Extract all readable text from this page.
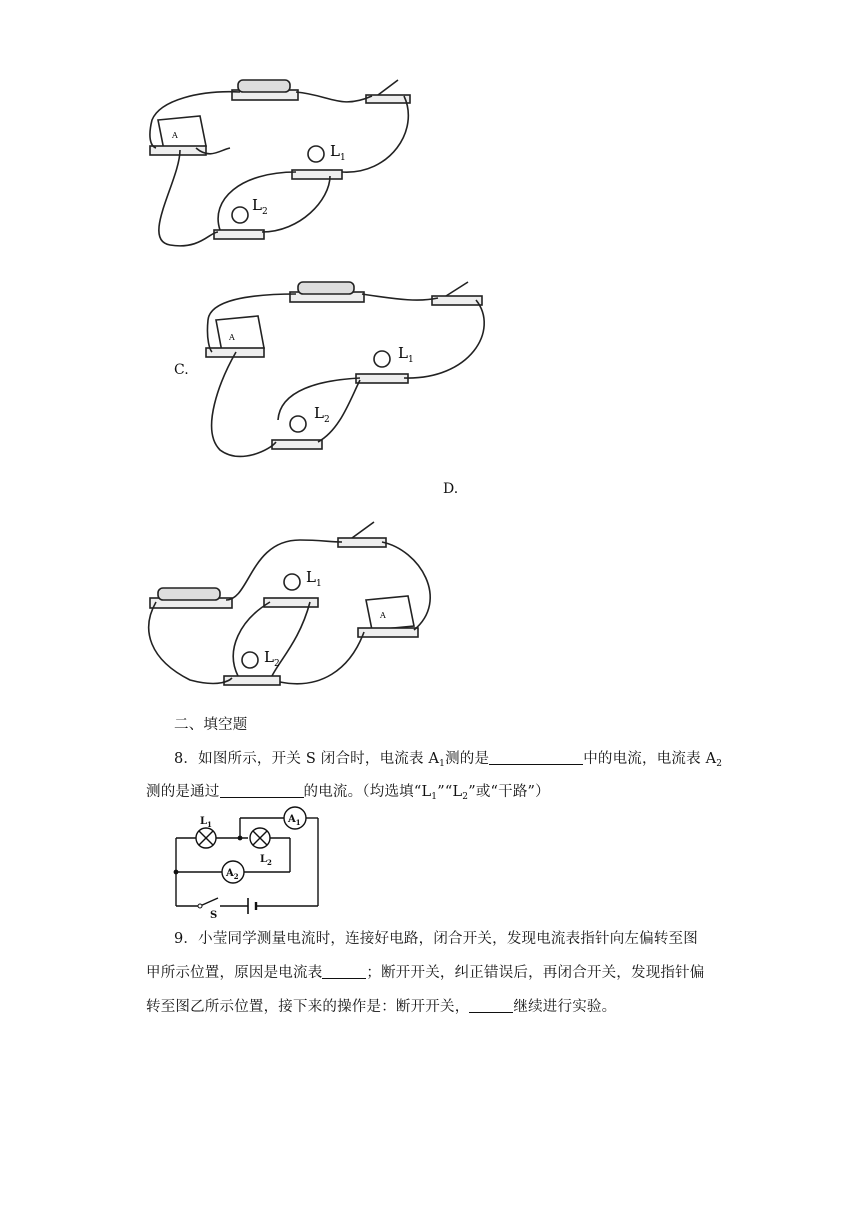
A
$L_1$
$L_2$
C.
A
$L_1$
$L_2$
D.
A
$L_1$
$L_2$
二、填空题
8．如图所示，开关 S 闭合时，电流表 $A_1$测的是	中的电流，电流表 $A_2$
测的是通过	的电流。（均选填“$L_1”“L_2$”或“干路”）
$L_1$
$L_2$
$A_1$
$A_2$
S
9．小莹同学测量电流时，连接好电路，闭合开关，发现电流表指针向左偏转至图
甲所示位置，原因是电流表	；断开开关，纠正错误后，再闭合开关，发现指针偏
转至图乙所示位置，接下来的操作是：断开开关，	继续进行实验。
